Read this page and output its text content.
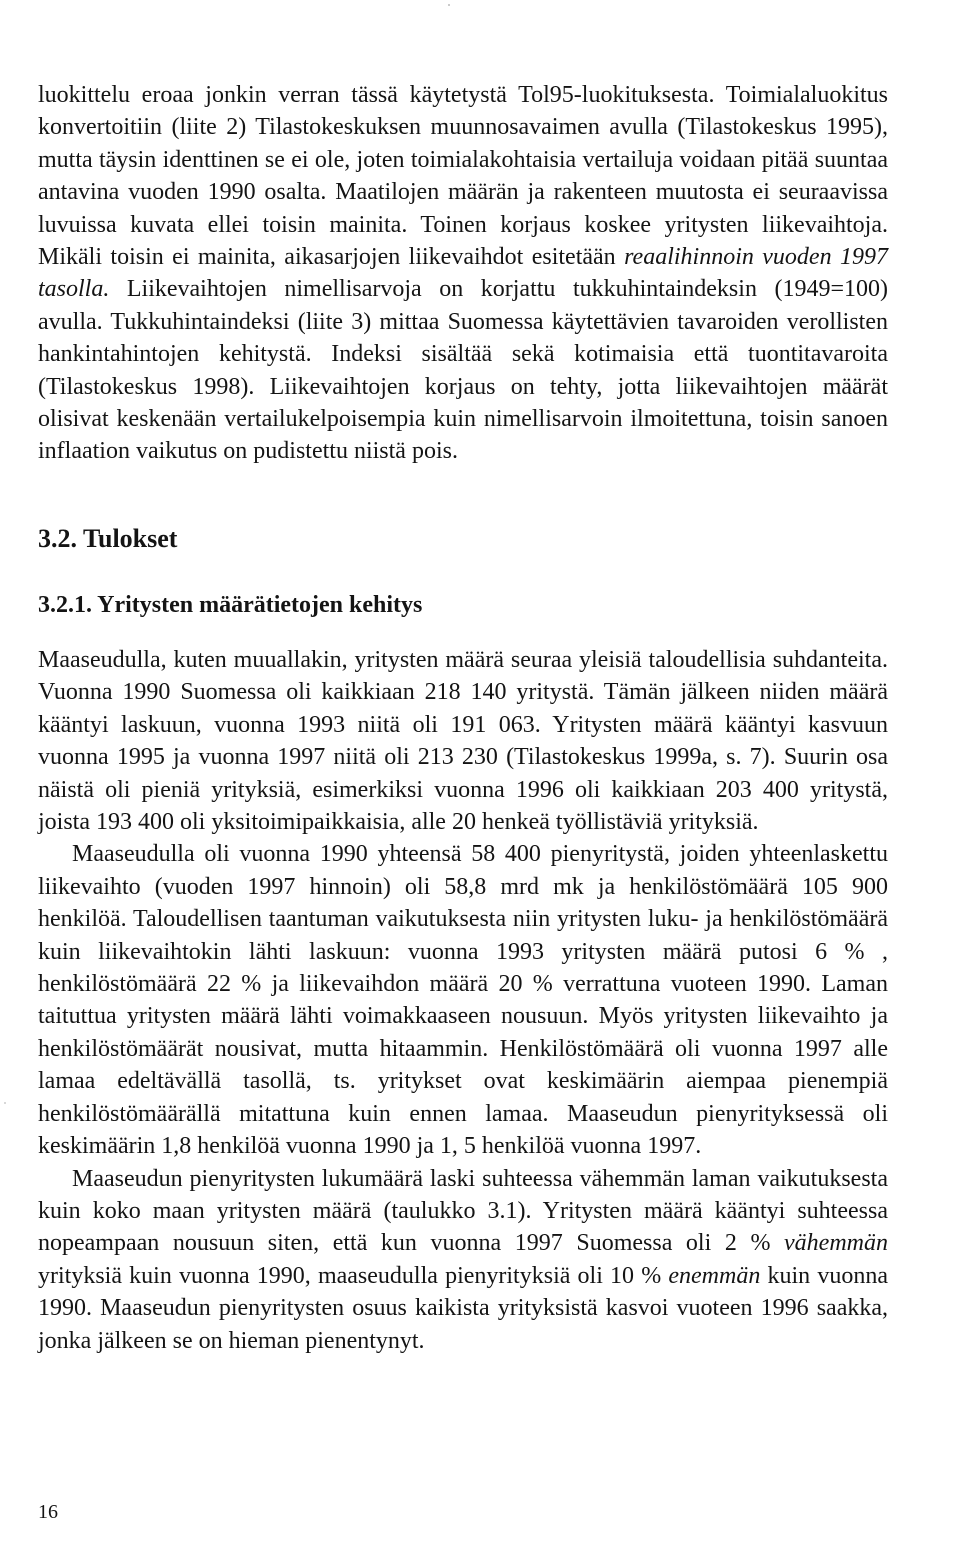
luokittelu eroaa jonkin verran tässä käytetystä Tol95-luokituksesta. Toimialaluokitus konvertoitiin (liite 2) Tilastokeskuksen muunnosavaimen avulla (Tilastokeskus 1995), mutta täysin identtinen se ei ole, joten toimialakohtaisia vertailuja voidaan pitää suuntaa antavina vuoden 1990 osalta. Maatilojen määrän ja rakenteen muutosta ei seuraavissa luvuissa kuvata ellei toisin mainita. Toinen korjaus koskee yritysten liikevaihtoja. Mikäli toisin ei mainita, aikasarjojen liikevaihdot esitetään reaalihinnoin vuoden 1997 tasolla. Liikevaihtojen nimellisarvoja on korjattu tukkuhintaindeksin (1949=100) avulla. Tukkuhintaindeksi (liite 3) mittaa Suomessa käytettävien tavaroiden verollisten hankintahintojen kehitystä. Indeksi sisältää sekä kotimaisia että tuontitavaroita (Tilastokeskus 1998). Liikevaihtojen korjaus on tehty, jotta liikevaihtojen määrät olisivat keskenään vertailukelpoisempia kuin nimellisarvoin ilmoitettuna, toisin sanoen inflaation vaikutus on pudistettu niistä pois.

3.2. Tulokset
3.2.1. Yritysten määrätietojen kehitys

Maaseudulla, kuten muuallakin, yritysten määrä seuraa yleisiä taloudellisia suhdanteita. Vuonna 1990 Suomessa oli kaikkiaan 218 140 yritystä. Tämän jälkeen niiden määrä kääntyi laskuun, vuonna 1993 niitä oli 191 063. Yritysten määrä kääntyi kasvuun vuonna 1995 ja vuonna 1997 niitä oli 213 230 (Tilastokeskus 1999a, s. 7). Suurin osa näistä oli pieniä yrityksiä, esimerkiksi vuonna 1996 oli kaikkiaan 203 400 yritystä, joista 193 400 oli yksitoimipaikkaisia, alle 20 henkeä työllistäviä yrityksiä.

Maaseudulla oli vuonna 1990 yhteensä 58 400 pienyritystä, joiden yhteenlaskettu liikevaihto (vuoden 1997 hinnoin) oli 58,8 mrd mk ja henkilöstömäärä 105 900 henkilöä. Taloudellisen taantuman vaikutuksesta niin yritysten luku- ja henkilöstömäärä kuin liikevaihtokin lähti laskuun: vuonna 1993 yritysten määrä putosi 6 % , henkilöstömäärä 22 % ja liikevaihdon määrä 20 % verrattuna vuoteen 1990. Laman taituttua yritysten määrä lähti voimakkaaseen nousuun. Myös yritysten liikevaihto ja henkilöstömäärät nousivat, mutta hitaammin. Henkilöstömäärä oli vuonna 1997 alle lamaa edeltävällä tasollä, ts. yritykset ovat keskimäärin aiempaa pienempiä henkilöstömäärällä mitattuna kuin ennen lamaa. Maaseudun pienyrityksessä oli keskimäärin 1,8 henkilöä vuonna 1990 ja 1, 5 henkilöä vuonna 1997.

Maaseudun pienyritysten lukumäärä laski suhteessa vähemmän laman vaikutuksesta kuin koko maan yritysten määrä (taulukko 3.1). Yritysten määrä kääntyi suhteessa nopeampaan nousuun siten, että kun vuonna 1997 Suomessa oli 2 % vähemmän yrityksiä kuin vuonna 1990, maaseudulla pienyrityksiä oli 10 % enemmän kuin vuonna 1990. Maaseudun pienyritysten osuus kaikista yrityksistä kasvoi vuoteen 1996 saakka, jonka jälkeen se on hieman pienentynyt.

16
